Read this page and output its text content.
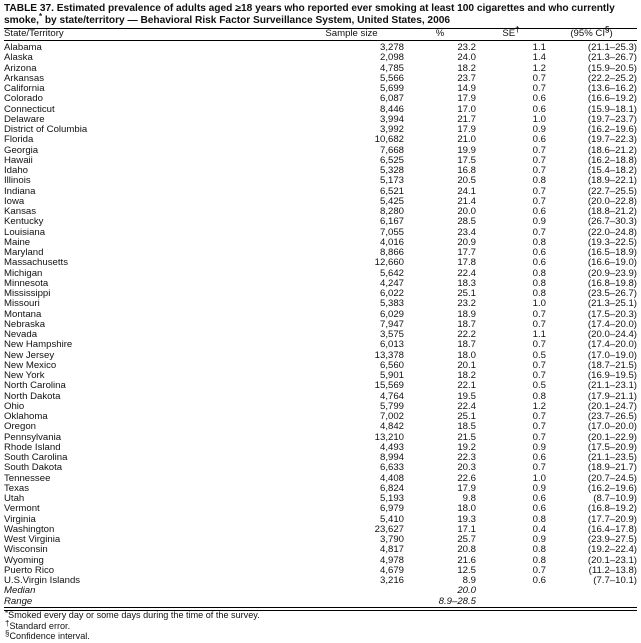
TABLE 37. Estimated prevalence of adults aged >18 years who reported ever smoking at least 100 cigarettes and who currently
smoke,* by state/territory — Behavioral Risk Factor Surveillance System, United States, 2006
State/Territory	Sample size	%	SE†	(95% CI§)
Alabama	3,278	23.2	1.1	(21.1–25.3)
Alaska	2,098	24.0	1.4	(21.3–26.7)
Arizona	4,785	18.2	1.2	(15.9–20.5)
Arkansas	5,566	23.7	0.7	(22.2–25.2)
California	5,699	14.9	0.7	(13.6–16.2)
Colorado	6,087	17.9	0.6	(16.6–19.2)
Connecticut	8,446	17.0	0.6	(15.9–18.1)
Delaware	3,994	21.7	1.0	(19.7–23.7)
District of Columbia	3,992	17.9	0.9	(16.2–19.6)
Florida	10,682	21.0	0.6	(19.7–22.3)
Georgia	7,668	19.9	0.7	(18.6–21.2)
Hawaii	6,525	17.5	0.7	(16.2–18.8)
Idaho	5,328	16.8	0.7	(15.4–18.2)
Illinois	5,173	20.5	0.8	(18.9–22.1)
Indiana	6,521	24.1	0.7	(22.7–25.5)
Iowa	5,425	21.4	0.7	(20.0–22.8)
Kansas	8,280	20.0	0.6	(18.8–21.2)
Kentucky	6,167	28.5	0.9	(26.7–30.3)
Louisiana	7,055	23.4	0.7	(22.0–24.8)
Maine	4,016	20.9	0.8	(19.3–22.5)
Maryland	8,866	17.7	0.6	(16.5–18.9)
Massachusetts	12,660	17.8	0.6	(16.6–19.0)
Michigan	5,642	22.4	0.8	(20.9–23.9)
Minnesota	4,247	18.3	0.8	(16.8–19.8)
Mississippi	6,022	25.1	0.8	(23.5–26.7)
Missouri	5,383	23.2	1.0	(21.3–25.1)
Montana	6,029	18.9	0.7	(17.5–20.3)
Nebraska	7,947	18.7	0.7	(17.4–20.0)
Nevada	3,575	22.2	1.1	(20.0–24.4)
New Hampshire	6,013	18.7	0.7	(17.4–20.0)
New Jersey	13,378	18.0	0.5	(17.0–19.0)
New Mexico	6,560	20.1	0.7	(18.7–21.5)
New York	5,901	18.2	0.7	(16.9–19.5)
North Carolina	15,569	22.1	0.5	(21.1–23.1)
North Dakota	4,764	19.5	0.8	(17.9–21.1)
Ohio	5,799	22.4	1.2	(20.1–24.7)
Oklahoma	7,002	25.1	0.7	(23.7–26.5)
Oregon	4,842	18.5	0.7	(17.0–20.0)
Pennsylvania	13,210	21.5	0.7	(20.1–22.9)
Rhode Island	4,493	19.2	0.9	(17.5–20.9)
South Carolina	8,994	22.3	0.6	(21.1–23.5)
South Dakota	6,633	20.3	0.7	(18.9–21.7)
Tennessee	4,408	22.6	1.0	(20.7–24.5)
Texas	6,824	17.9	0.9	(16.2–19.6)
Utah	5,193	9.8	0.6	(8.7–10.9)
Vermont	6,979	18.0	0.6	(16.8–19.2)
Virginia	5,410	19.3	0.8	(17.7–20.9)
Washington	23,627	17.1	0.4	(16.4–17.8)
West Virginia	3,790	25.7	0.9	(23.9–27.5)
Wisconsin	4,817	20.8	0.8	(19.2–22.4)
Wyoming	4,978	21.6	0.8	(20.1–23.1)
Puerto Rico	4,679	12.5	0.7	(11.2–13.8)
U.S.Virgin Islands	3,216	8.9	0.6	(7.7–10.1)
Median		20.0		
Range		8.9–28.5		
*Smoked every day or some days during the time of the survey.
†Standard error.
§Confidence interval.
